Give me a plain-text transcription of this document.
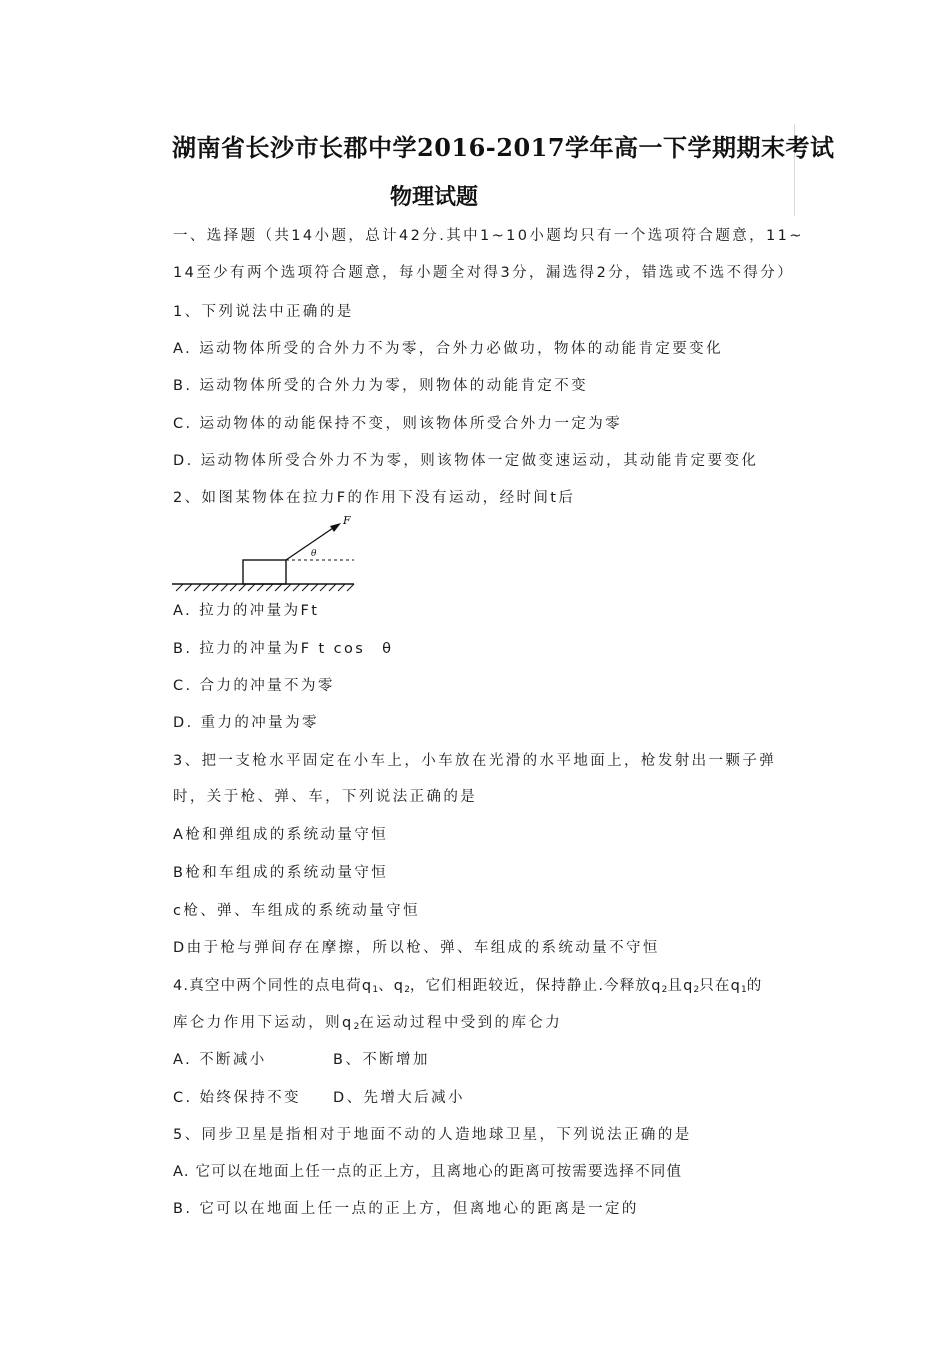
湖南省长沙市长郡中学2016-2017学年高一下学期期末考试
物理试题
一、选择题（共14小题，总计42分.其中1~10小题均只有一个选项符合题意，11~
14至少有两个选项符合题意，每小题全对得3分，漏选得2分，错选或不选不得分）
1、下列说法中正确的是
A. 运动物体所受的合外力不为零，合外力必做功，物体的动能肯定要变化
B. 运动物体所受的合外力为零，则物体的动能肯定不变
C. 运动物体的动能保持不变，则该物体所受合外力一定为零
D. 运动物体所受合外力不为零，则该物体一定做变速运动，其动能肯定要变化
2、如图某物体在拉力F的作用下没有运动，经时间t后
F
θ
A. 拉力的冲量为Ft
B. 拉力的冲量为F t cos　θ
C. 合力的冲量不为零
D. 重力的冲量为零
3、把一支枪水平固定在小车上，小车放在光滑的水平地面上，枪发射出一颗子弹
时，关于枪、弹、车，下列说法正确的是
A枪和弹组成的系统动量守恒
B枪和车组成的系统动量守恒
c枪、弹、车组成的系统动量守恒
D由于枪与弹间存在摩擦，所以枪、弹、车组成的系统动量不守恒
4.真空中两个同性的点电荷$q_1$、$q_2$，它们相距较近，保持静止.今释放$q_2$且$q_2$只在$q_1$的
库仑力作用下运动，则$q_2$在运动过程中受到的库仑力
A. 不断减小	B、不断增加
C. 始终保持不变 D、先增大后减小
5、同步卫星是指相对于地面不动的人造地球卫星，下列说法正确的是
A. 它可以在地面上任一点的正上方，且离地心的距离可按需要选择不同值
B. 它可以在地面上任一点的正上方，但离地心的距离是一定的
